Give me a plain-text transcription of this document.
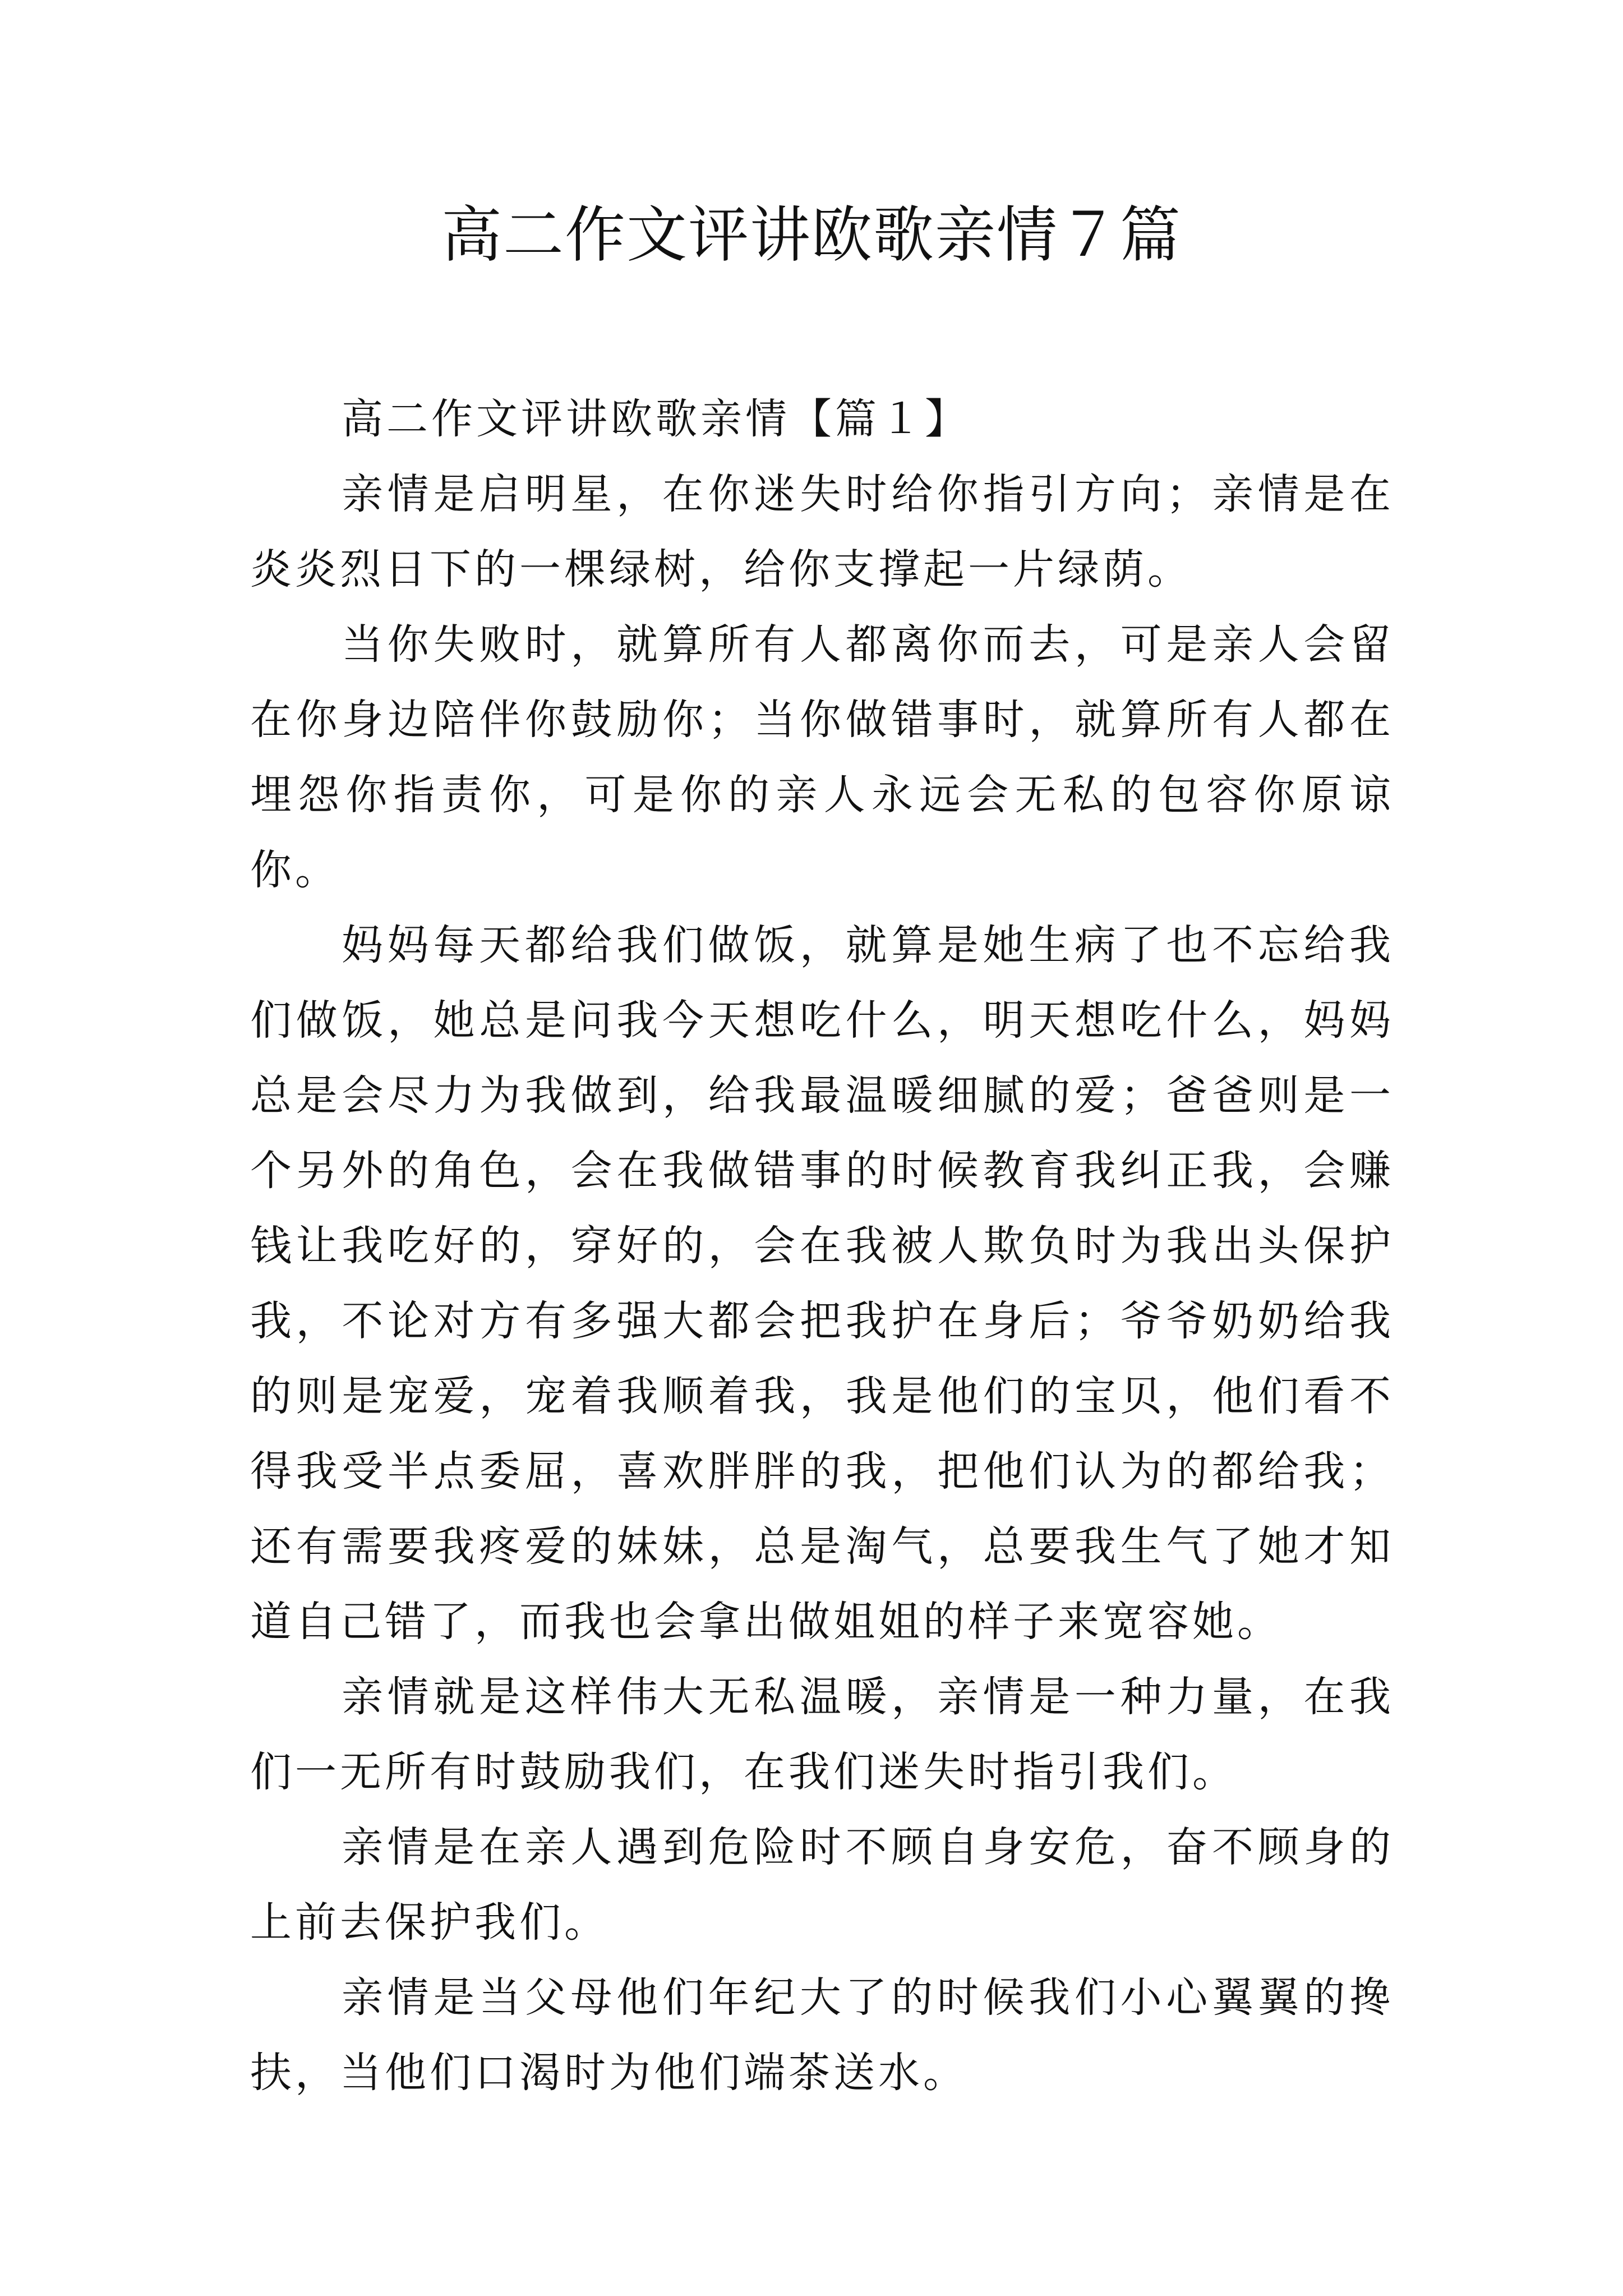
高二作文评讲欧歌亲情７篇

高二作文评讲欧歌亲情【篇１】

亲情是启明星，在你迷失时给你指引方向；亲情是在炎炎烈日下的一棵绿树，给你支撑起一片绿荫。

当你失败时，就算所有人都离你而去，可是亲人会留在你身边陪伴你鼓励你；当你做错事时，就算所有人都在埋怨你指责你，可是你的亲人永远会无私的包容你原谅你。

妈妈每天都给我们做饭，就算是她生病了也不忘给我们做饭，她总是问我今天想吃什么，明天想吃什么，妈妈总是会尽力为我做到，给我最温暖细腻的爱；爸爸则是一个另外的角色，会在我做错事的时候教育我纠正我，会赚钱让我吃好的，穿好的，会在我被人欺负时为我出头保护我，不论对方有多强大都会把我护在身后；爷爷奶奶给我的则是宠爱，宠着我顺着我，我是他们的宝贝，他们看不得我受半点委屈，喜欢胖胖的我，把他们认为的都给我；还有需要我疼爱的妹妹，总是淘气，总要我生气了她才知道自己错了，而我也会拿出做姐姐的样子来宽容她。

亲情就是这样伟大无私温暖，亲情是一种力量，在我们一无所有时鼓励我们，在我们迷失时指引我们。

亲情是在亲人遇到危险时不顾自身安危，奋不顾身的上前去保护我们。

亲情是当父母他们年纪大了的时候我们小心翼翼的搀扶，当他们口渴时为他们端茶送水。
